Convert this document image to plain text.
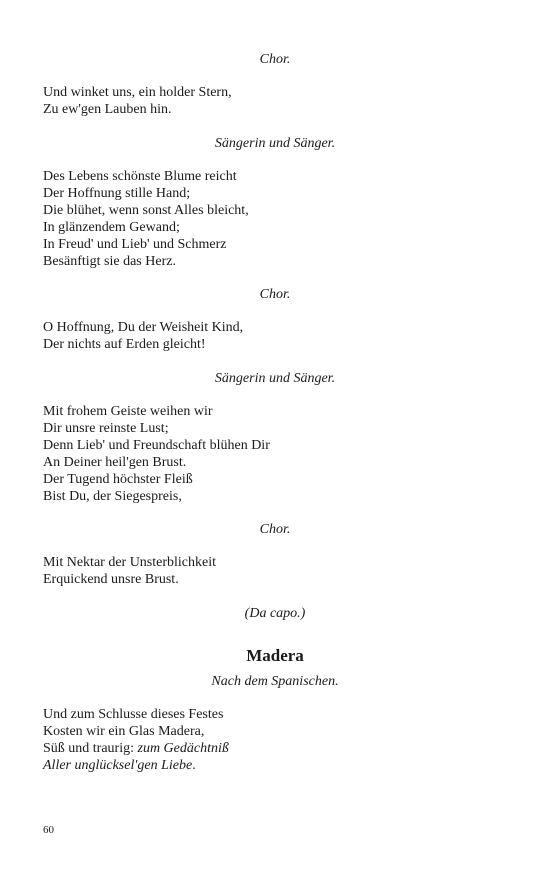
Chor.
Und winket uns, ein holder Stern,
Zu ew'gen Lauben hin.
Sängerin und Sänger.
Des Lebens schönste Blume reicht
Der Hoffnung stille Hand;
Die blühet, wenn sonst Alles bleicht,
In glänzendem Gewand;
In Freud' und Lieb' und Schmerz
Besänftigt sie das Herz.
Chor.
O Hoffnung, Du der Weisheit Kind,
Der nichts auf Erden gleicht!
Sängerin und Sänger.
Mit frohem Geiste weihen wir
Dir unsre reinste Lust;
Denn Lieb' und Freundschaft blühen Dir
An Deiner heil'gen Brust.
Der Tugend höchster Fleiß
Bist Du, der Siegespreis,
Chor.
Mit Nektar der Unsterblichkeit
Erquickend unsre Brust.
(Da capo.)
Madera
Nach dem Spanischen.
Und zum Schlusse dieses Festes
Kosten wir ein Glas Madera,
Süß und traurig: zum Gedächtniß
Aller unglücksel'gen Liebe.
60
